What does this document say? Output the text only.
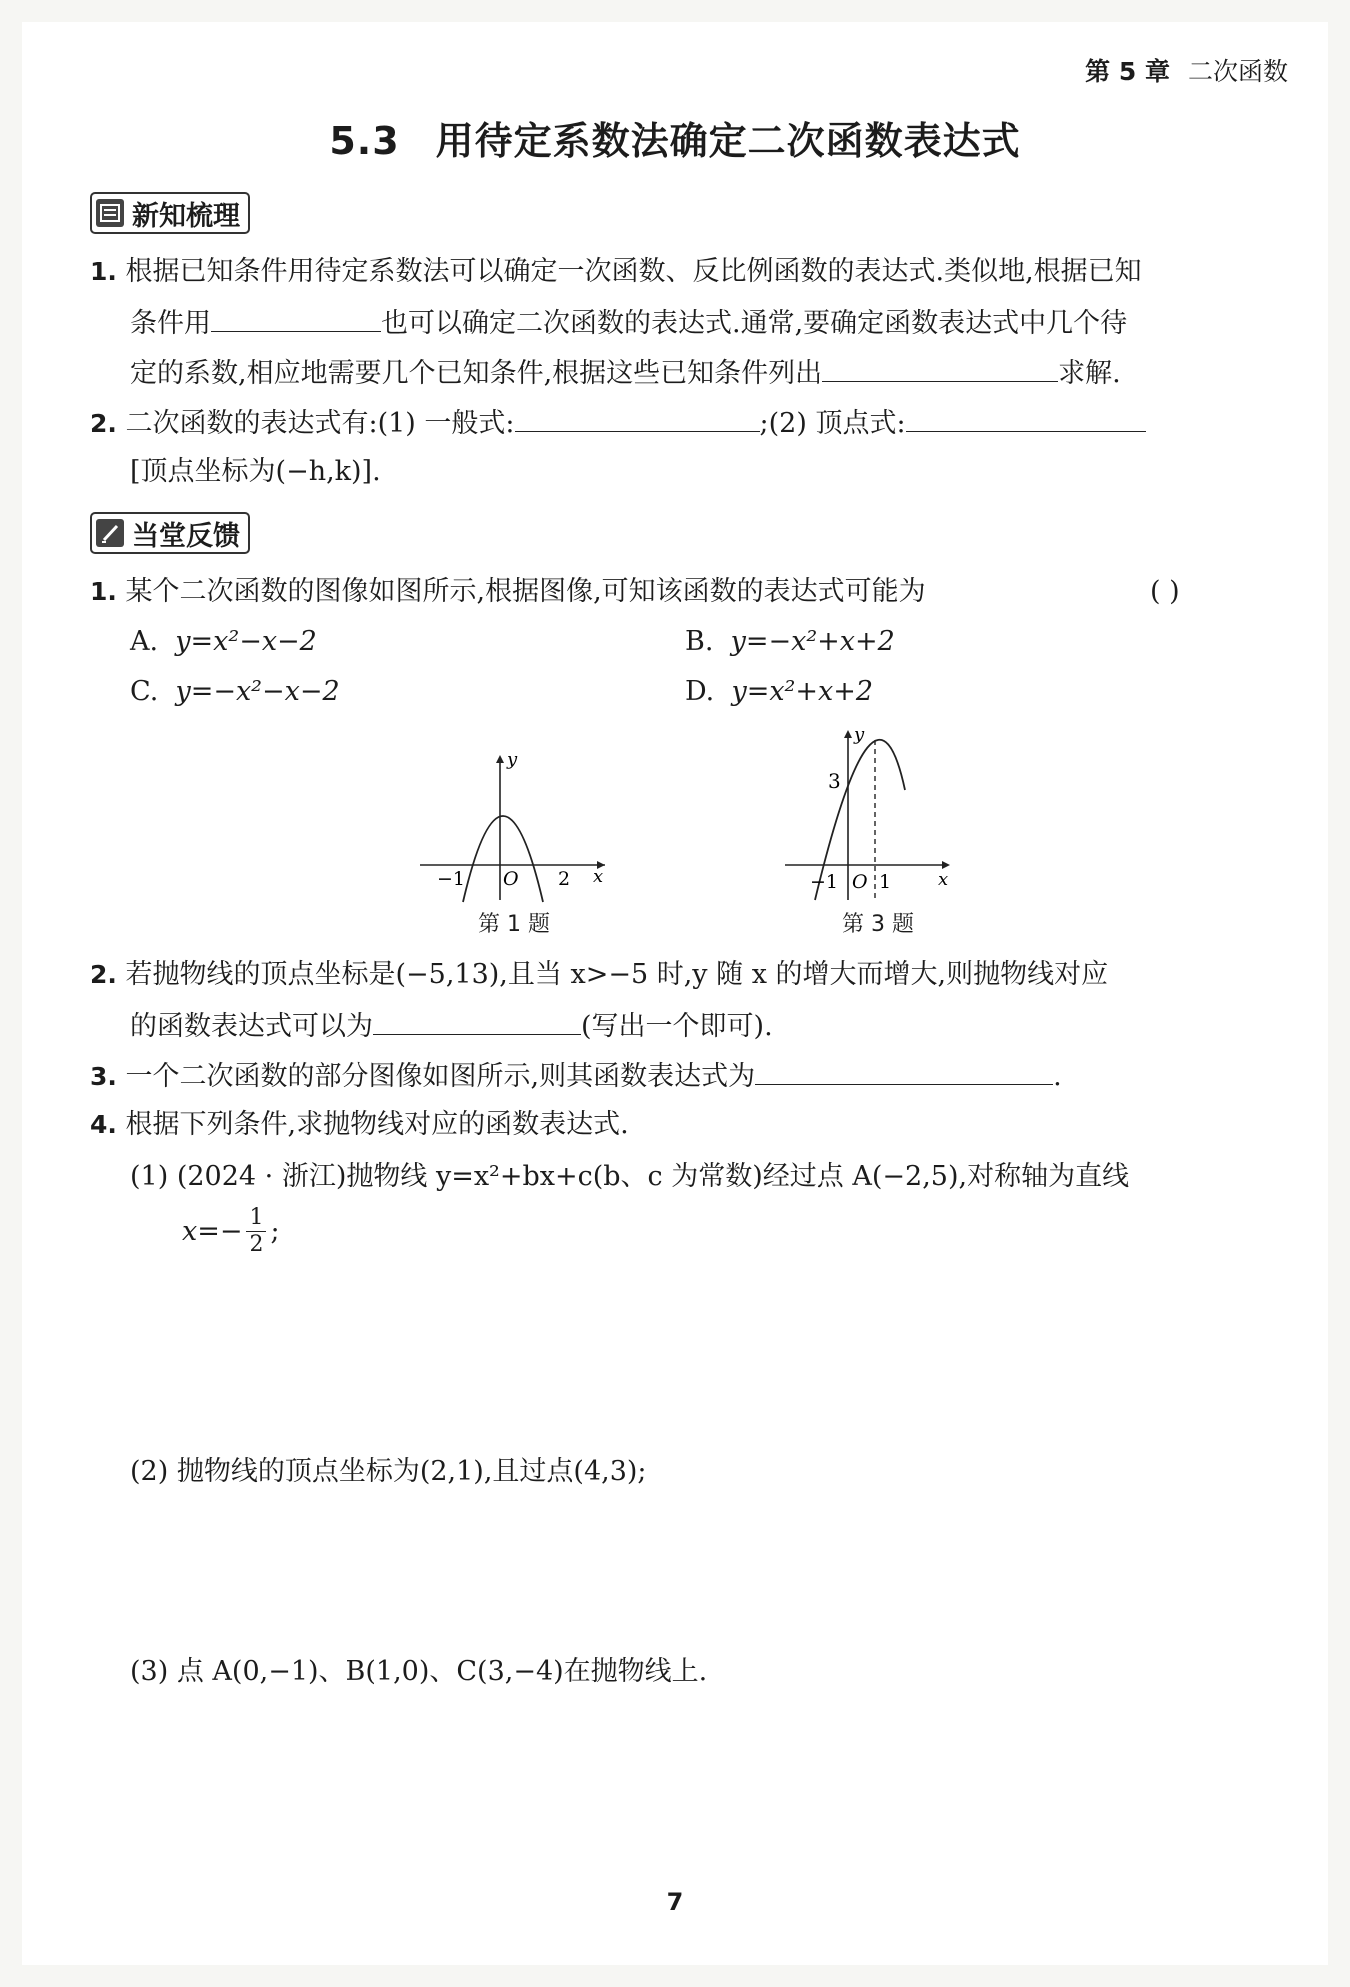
第 5 章 二次函数
5.3 用待定系数法确定二次函数表达式
新知梳理
1. 根据已知条件用待定系数法可以确定一次函数、反比例函数的表达式.类似地,根据已知
条件用	也可以确定二次函数的表达式.通常,要确定函数表达式中几个待
定的系数,相应地需要几个已知条件,根据这些已知条件列出	求解.
2. 二次函数的表达式有:(1) 一般式:	;(2) 顶点式:
[顶点坐标为(−h,k)].
当堂反馈
1. 某个二次函数的图像如图所示,根据图像,可知该函数的表达式可能为	( )
A. y=x²−x−2	B. y=−x²+x+2
C. y=−x²−x−2	D. y=x²+x+2
y
x
O
−1	2
第 1 题
y
x
3
O
−1 1
第 3 题
2. 若抛物线的顶点坐标是(−5,13),且当 x>−5 时,y 随 x 的增大而增大,则抛物线对应
的函数表达式可以为	(写出一个即可).
3. 一个二次函数的部分图像如图所示,则其函数表达式为	.
4. 根据下列条件,求抛物线对应的函数表达式.
(1) (2024 · 浙江)抛物线 y=x²+bx+c(b、c 为常数)经过点 A(−2,5),对称轴为直线
$x=- \frac{1}{2}$ ;
(2) 抛物线的顶点坐标为(2,1),且过点(4,3);
(3) 点 A(0,−1)、B(1,0)、C(3,−4)在抛物线上.
7
